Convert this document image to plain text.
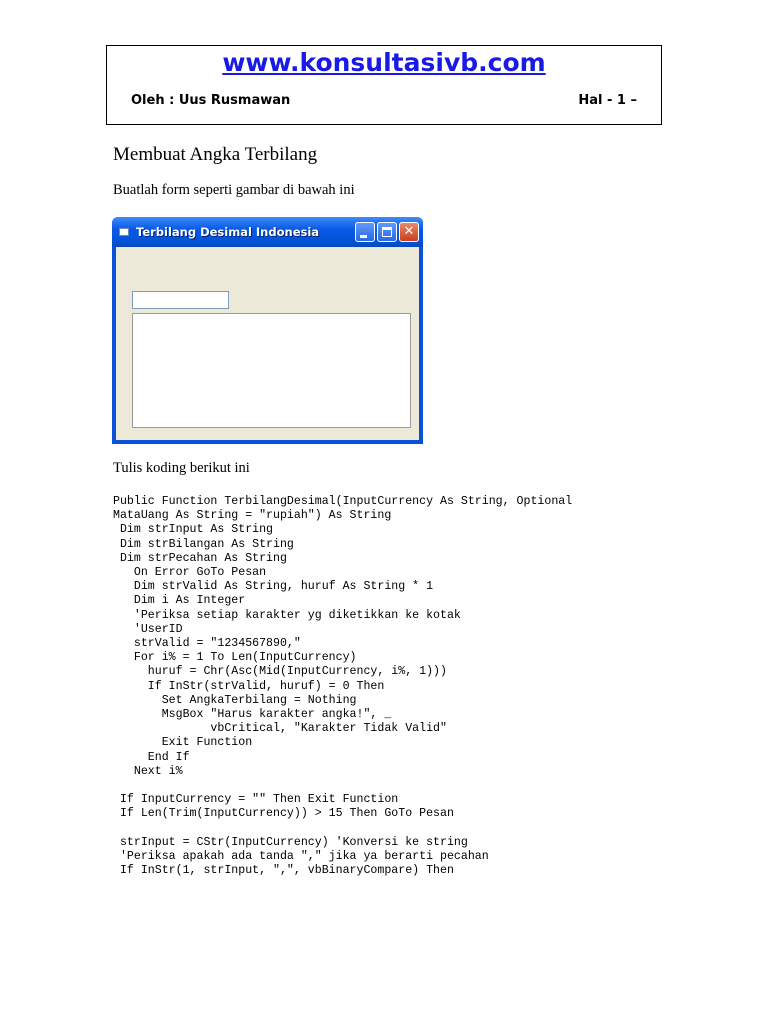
www.konsultasivb.com
Oleh : Uus Rusmawan	Hal - 1 –
Membuat Angka Terbilang
Buatlah form seperti gambar di bawah ini
Terbilang Desimal Indonesia	✕
Tulis koding berikut ini
Public Function TerbilangDesimal(InputCurrency As String, Optional
MataUang As String = "rupiah") As String
Dim strInput As String
Dim strBilangan As String
Dim strPecahan As String
On Error GoTo Pesan
Dim strValid As String, huruf As String * 1
Dim i As Integer
'Periksa setiap karakter yg diketikkan ke kotak
'UserID
strValid = "1234567890,"
For i% = 1 To Len(InputCurrency)
huruf = Chr(Asc(Mid(InputCurrency, i%, 1)))
If InStr(strValid, huruf) = 0 Then
Set AngkaTerbilang = Nothing
MsgBox "Harus karakter angka!", _
vbCritical, "Karakter Tidak Valid"
Exit Function
End If
Next i%

If InputCurrency = "" Then Exit Function
If Len(Trim(InputCurrency)) > 15 Then GoTo Pesan

strInput = CStr(InputCurrency) 'Konversi ke string
'Periksa apakah ada tanda "," jika ya berarti pecahan
If InStr(1, strInput, ",", vbBinaryCompare) Then
